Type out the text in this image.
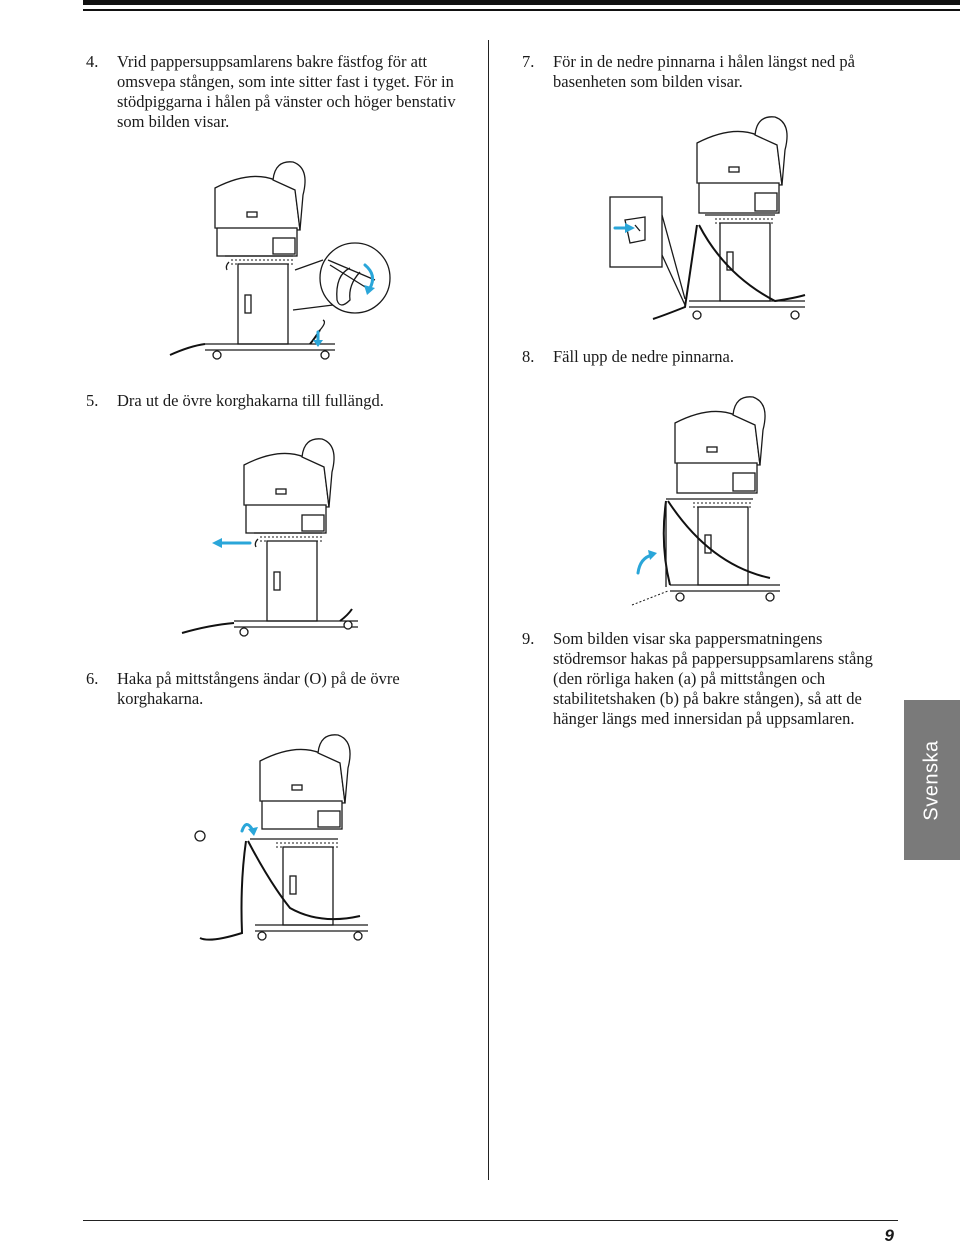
4.	Vrid pappersuppsamlarens bakre fästfog för att omsvepa stången, som inte sitter fast i tyget. För in stödpiggarna i hålen på vänster och höger benstativ som bilden visar.
5.	Dra ut de övre korghakarna till fullängd.
6.	Haka på mittstångens ändar (O) på de övre korghakarna.
7.	För in de nedre pinnarna i hålen längst ned på basenheten som bilden visar.
8.	Fäll upp de nedre pinnarna.
9.	Som bilden visar ska pappersmatningens stödremsor hakas på pappersuppsamlarens stång (den rörliga haken (a) på mittstången och stabilitetshaken (b) på bakre stången), så att de hänger längs med innersidan på uppsamlaren.
Svenska
9
